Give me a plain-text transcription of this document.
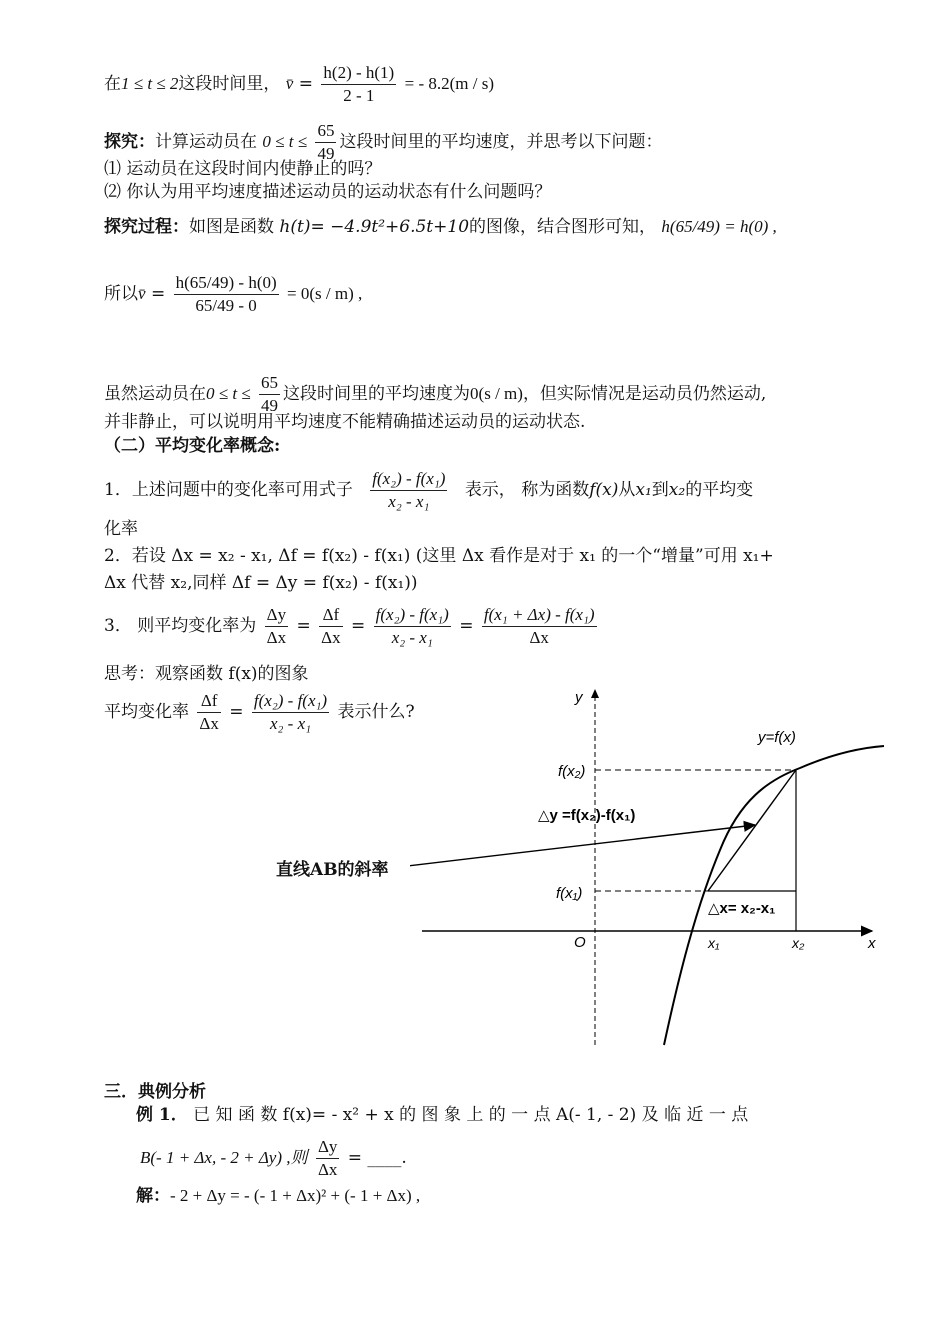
在1 ≤ t ≤ 2这段时间里， v̄ = $\frac{h(2) - h(1)}{2 - 1}$ = - 8.2(m / s)
探究：计算运动员在 $0 \le t \le \frac{65}{49}$ 这段时间里的平均速度，并思考以下问题：
⑴ 运动员在这段时间内使静止的吗？
⑵ 你认为用平均速度描述运动员的运动状态有什么问题吗？
探究过程：如图是函数 h(t)= −4.9t²+6.5t+10的图像，结合图形可知， h(65/49) = h(0) ,
所以v̄ = $\frac{h(65/49) - h(0)}{65/49 - 0} = 0(s / m)$ ,
虽然运动员在$0 \le t \le \frac{65}{49}$ 这段时间里的平均速度为0(s / m)，但实际情况是运动员仍然运动,
并非静止，可以说明用平均速度不能精确描述运动员的运动状态.
（二）平均变化率概念:
1．上述问题中的变化率可用式子 $\frac{\text{f(x₂) - f(x₁)}}{\text{x₂ - x₁}}$ 表示， 称为函数f(x)从x₁到x₂的平均变
化率
2．若设 Δx = x₂ - x₁, Δf = f(x₂) - f(x₁) (这里 Δx 看作是对于 x₁ 的一个“增量”可用 x₁+
Δx 代替 x₂,同样 Δf = Δy = f(x₂) - f(x₁))
3． 则平均变化率为 $\frac{\Delta y}{\Delta x} = \frac{\Delta f}{\Delta x} = \frac{\text{f(x₂) - f(x₁)}}{\text{x₂ - x₁}} = \frac{\text{f(x₁ + Δx) - f(x₁)}}{\Delta x}$
思考：观察函数 f(x)的图象
平均变化率 $\frac{\Delta f}{\Delta x} = \frac{\text{f(x₂) - f(x₁)}}{\text{x₂ - x₁}}$ 表示什么?
y
x
O
y=f(x)
f(x₂)
f(x₁)
x₁	x₂
△y =f(x₂)-f(x₁)
△x= x₂-x₁
直线AB的斜率
三．典例分析
例 1． 已 知 函 数 f(x)= - x² + x 的 图 象 上 的 一 点 A(- 1, - 2) 及 临 近 一 点
B(- 1 + Δx, - 2 + Δy) ,则 $\frac{\Delta y}{\Delta x}$ = ____.
解：- 2 + Δy = - (- 1 + Δx)² + (- 1 + Δx) ,
